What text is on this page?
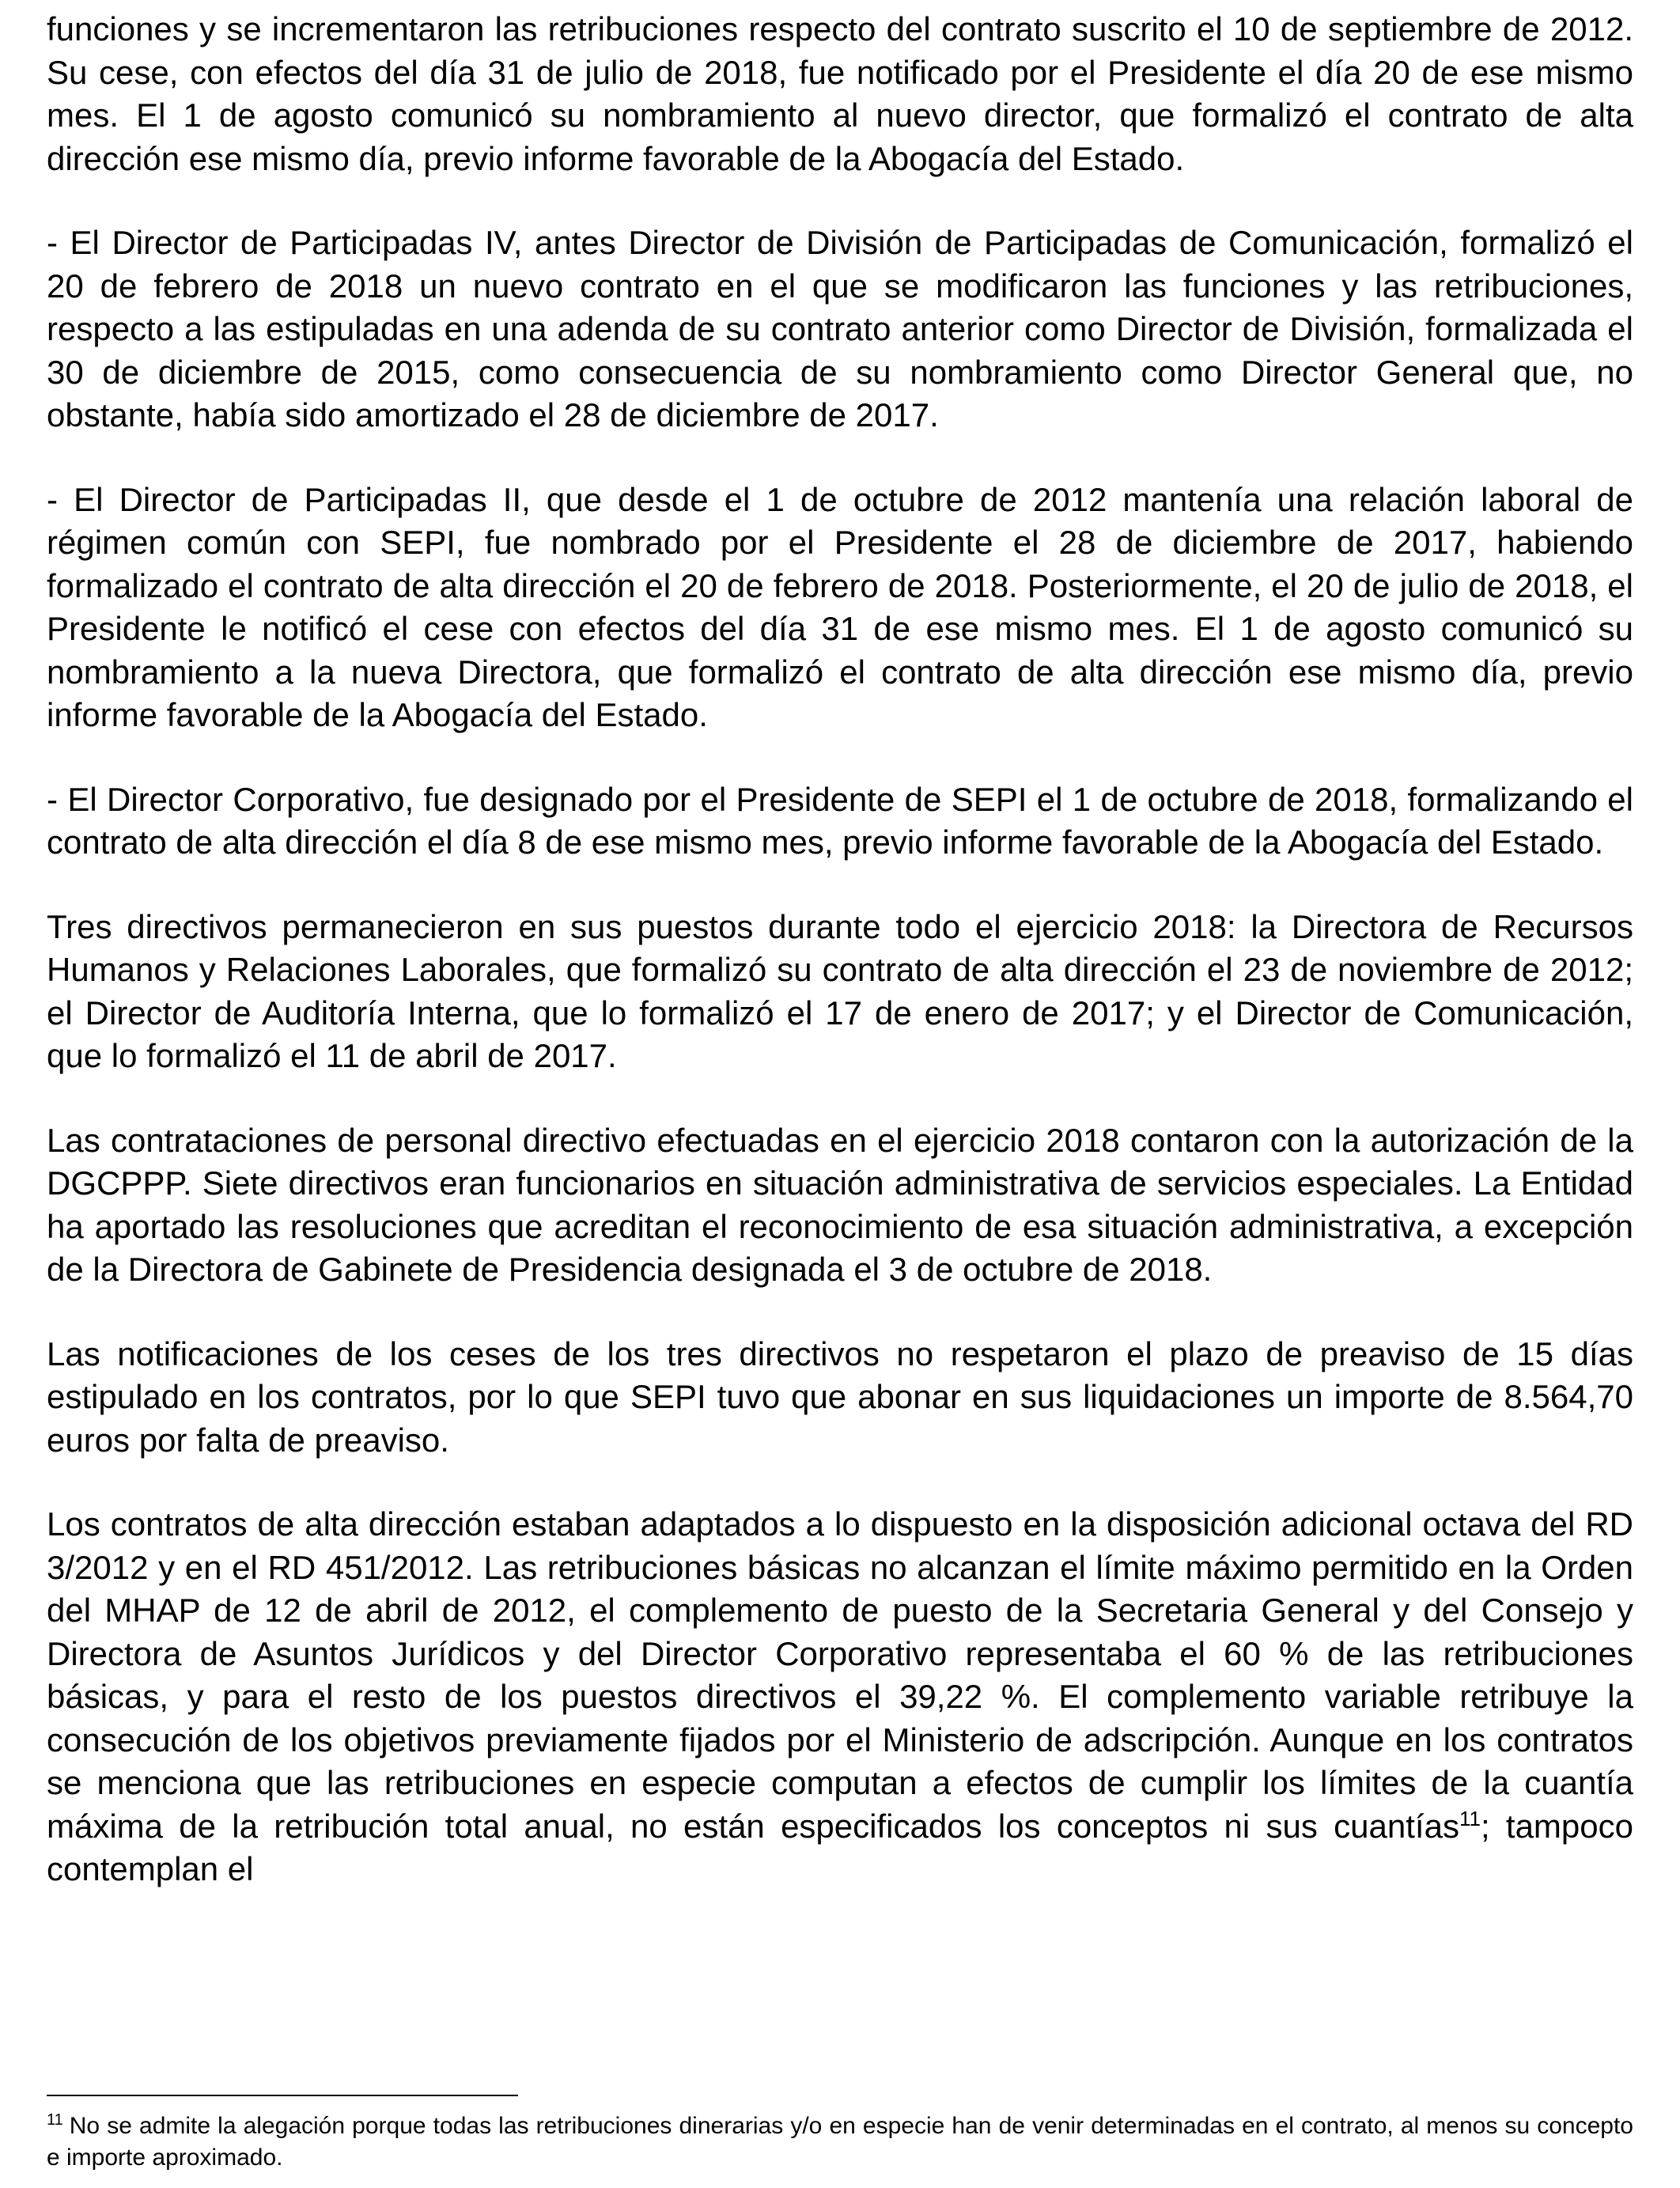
funciones y se incrementaron las retribuciones respecto del contrato suscrito el 10 de septiembre de 2012. Su cese, con efectos del día 31 de julio de 2018, fue notificado por el Presidente el día 20 de ese mismo mes. El 1 de agosto comunicó su nombramiento al nuevo director, que formalizó el contrato de alta dirección ese mismo día, previo informe favorable de la Abogacía del Estado.

- El Director de Participadas IV, antes Director de División de Participadas de Comunicación, formalizó el 20 de febrero de 2018 un nuevo contrato en el que se modificaron las funciones y las retribuciones, respecto a las estipuladas en una adenda de su contrato anterior como Director de División, formalizada el 30 de diciembre de 2015, como consecuencia de su nombramiento como Director General que, no obstante, había sido amortizado el 28 de diciembre de 2017.

- El Director de Participadas II, que desde el 1 de octubre de 2012 mantenía una relación laboral de régimen común con SEPI, fue nombrado por el Presidente el 28 de diciembre de 2017, habiendo formalizado el contrato de alta dirección el 20 de febrero de 2018. Posteriormente, el 20 de julio de 2018, el Presidente le notificó el cese con efectos del día 31 de ese mismo mes. El 1 de agosto comunicó su nombramiento a la nueva Directora, que formalizó el contrato de alta dirección ese mismo día, previo informe favorable de la Abogacía del Estado.

- El Director Corporativo, fue designado por el Presidente de SEPI el 1 de octubre de 2018, formalizando el contrato de alta dirección el día 8 de ese mismo mes, previo informe favorable de la Abogacía del Estado.

Tres directivos permanecieron en sus puestos durante todo el ejercicio 2018: la Directora de Recursos Humanos y Relaciones Laborales, que formalizó su contrato de alta dirección el 23 de noviembre de 2012; el Director de Auditoría Interna, que lo formalizó el 17 de enero de 2017; y el Director de Comunicación, que lo formalizó el 11 de abril de 2017.

Las contrataciones de personal directivo efectuadas en el ejercicio 2018 contaron con la autorización de la DGCPPP. Siete directivos eran funcionarios en situación administrativa de servicios especiales. La Entidad ha aportado las resoluciones que acreditan el reconocimiento de esa situación administrativa, a excepción de la Directora de Gabinete de Presidencia designada el 3 de octubre de 2018.

Las notificaciones de los ceses de los tres directivos no respetaron el plazo de preaviso de 15 días estipulado en los contratos, por lo que SEPI tuvo que abonar en sus liquidaciones un importe de 8.564,70 euros por falta de preaviso.

Los contratos de alta dirección estaban adaptados a lo dispuesto en la disposición adicional octava del RD 3/2012 y en el RD 451/2012. Las retribuciones básicas no alcanzan el límite máximo permitido en la Orden del MHAP de 12 de abril de 2012, el complemento de puesto de la Secretaria General y del Consejo y Directora de Asuntos Jurídicos y del Director Corporativo representaba el 60 % de las retribuciones básicas, y para el resto de los puestos directivos el 39,22 %. El complemento variable retribuye la consecución de los objetivos previamente fijados por el Ministerio de adscripción. Aunque en los contratos se menciona que las retribuciones en especie computan a efectos de cumplir los límites de la cuantía máxima de la retribución total anual, no están especificados los conceptos ni sus cuantías$^{11}$; tampoco contemplan el

$^{11}$ No se admite la alegación porque todas las retribuciones dinerarias y/o en especie han de venir determinadas en el contrato, al menos su concepto e importe aproximado.
